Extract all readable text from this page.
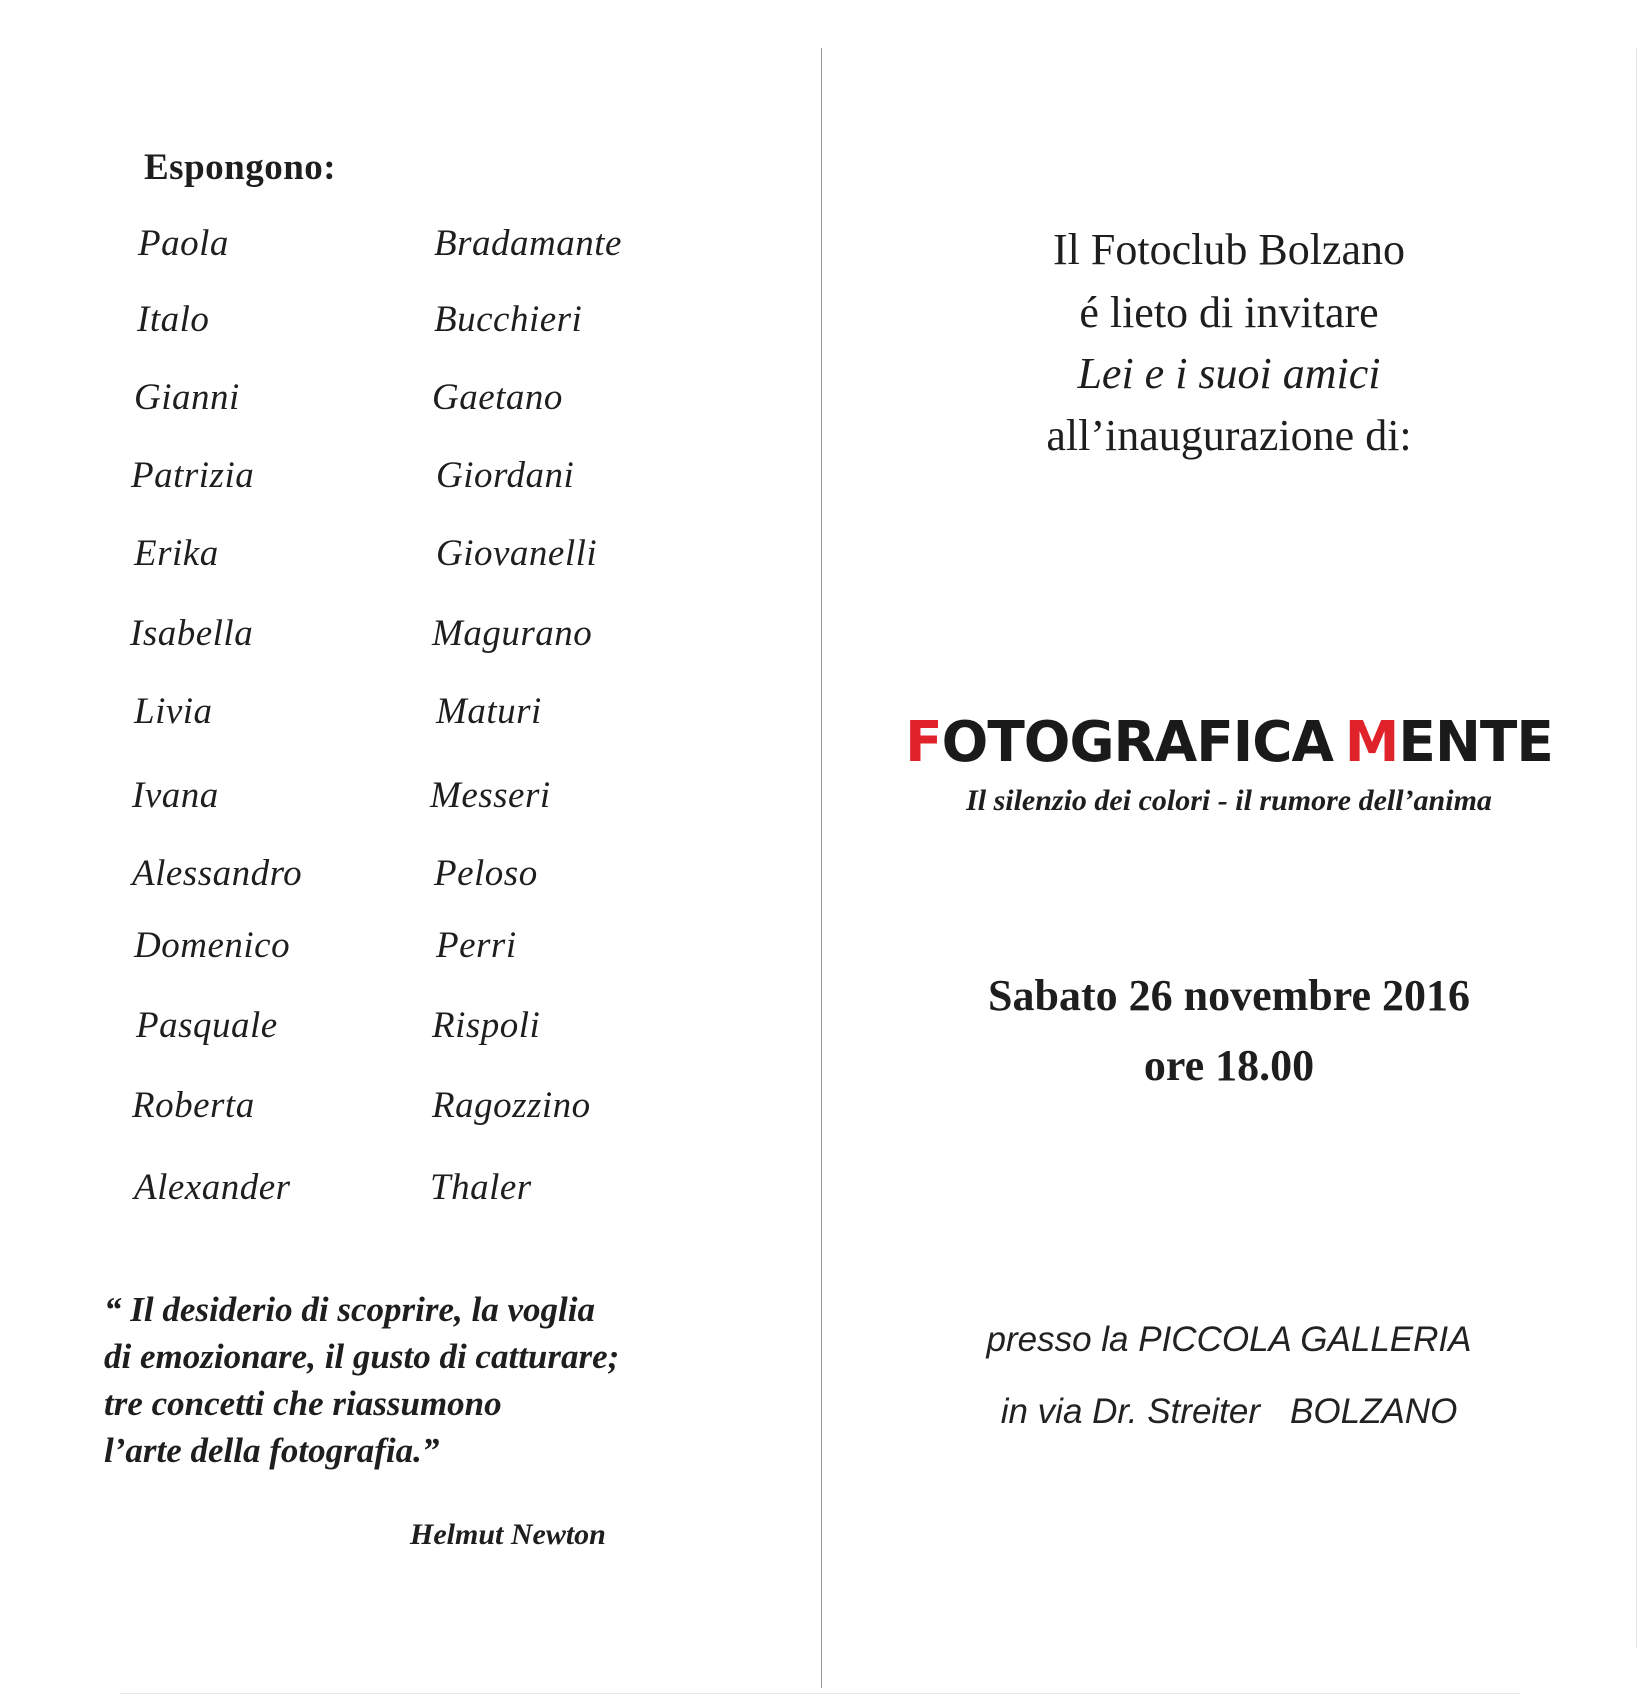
Espongono:
Paola	Bradamante
Italo	Bucchieri
Gianni	Gaetano
Patrizia	Giordani
Erika	Giovanelli
Isabella	Magurano
Livia	Maturi
Ivana	Messeri
Alessandro	Peloso
Domenico	Perri
Pasquale	Rispoli
Roberta	Ragozzino
Alexander	Thaler
“ Il desiderio di scoprire, la voglia
di emozionare, il gusto di catturare;
tre concetti che riassumono
l’arte della fotografia.”
Helmut Newton
Il Fotoclub Bolzano
é lieto di invitare
Lei e i suoi amici
all’inaugurazione di:
FOTOGRAFICA MENTE
Il silenzio dei colori - il rumore dell’anima
Sabato 26 novembre 2016
ore 18.00
presso la PICCOLA GALLERIA
in via Dr. Streiter BOLZANO
